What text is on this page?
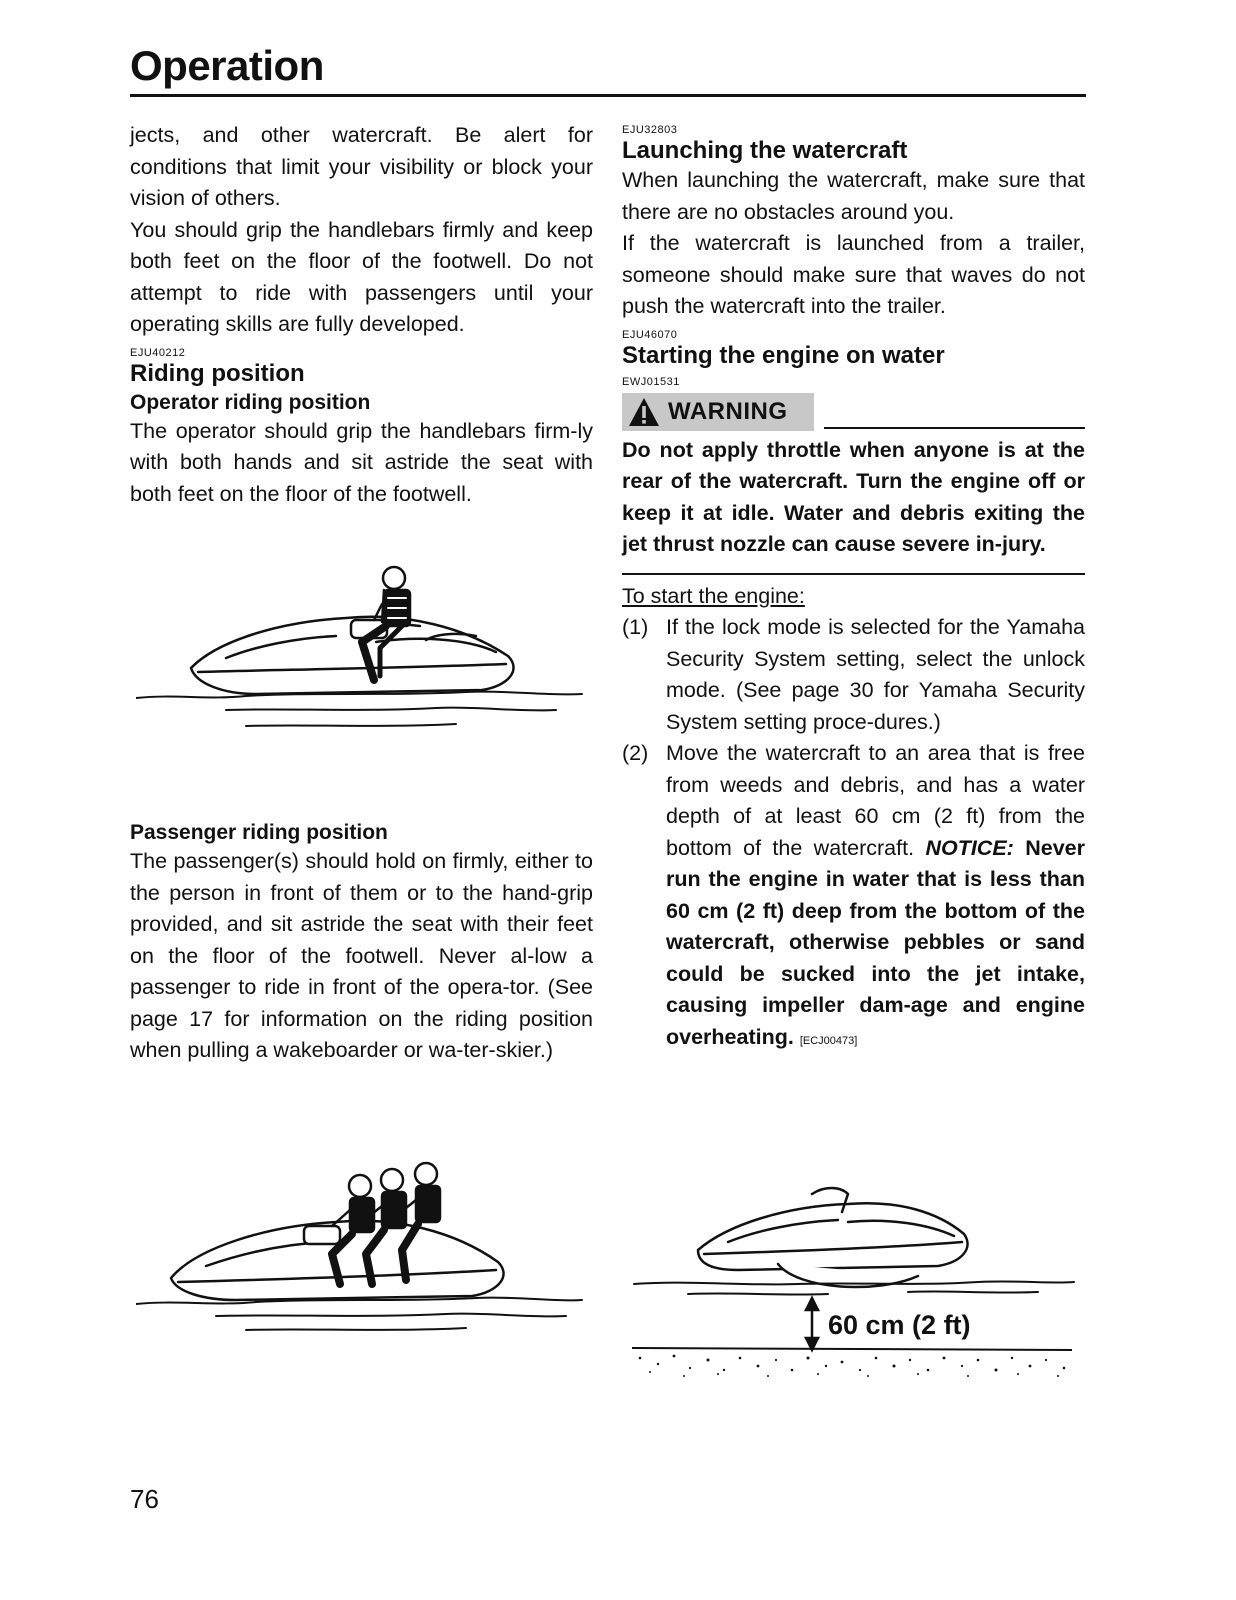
Operation

jects, and other watercraft. Be alert for conditions that limit your visibility or block your vision of others.

You should grip the handlebars firmly and keep both feet on the floor of the footwell. Do not attempt to ride with passengers until your operating skills are fully developed.

EJU40212
Riding position
Operator riding position

The operator should grip the handlebars firm-ly with both hands and sit astride the seat with both feet on the floor of the footwell.

Passenger riding position

The passenger(s) should hold on firmly, either to the person in front of them or to the hand-grip provided, and sit astride the seat with their feet on the floor of the footwell. Never al-low a passenger to ride in front of the opera-tor. (See page 17 for information on the riding position when pulling a wakeboarder or wa-ter-skier.)

EJU32803
Launching the watercraft

When launching the watercraft, make sure that there are no obstacles around you.

If the watercraft is launched from a trailer, someone should make sure that waves do not push the watercraft into the trailer.

EJU46070
Starting the engine on water
EWJ01531
WARNING

Do not apply throttle when anyone is at the rear of the watercraft. Turn the engine off or keep it at idle. Water and debris exiting the jet thrust nozzle can cause severe in-jury.

To start the engine:
(1) If the lock mode is selected for the Yamaha Security System setting, select the unlock mode. (See page 30 for Yamaha Security System setting proce-dures.)
(2) Move the watercraft to an area that is free from weeds and debris, and has a water depth of at least 60 cm (2 ft) from the bottom of the watercraft. NOTICE: Never run the engine in water that is less than 60 cm (2 ft) deep from the bottom of the watercraft, otherwise pebbles or sand could be sucked into the jet intake, causing impeller dam-age and engine overheating. [ECJ00473]
60 cm (2 ft)
76
